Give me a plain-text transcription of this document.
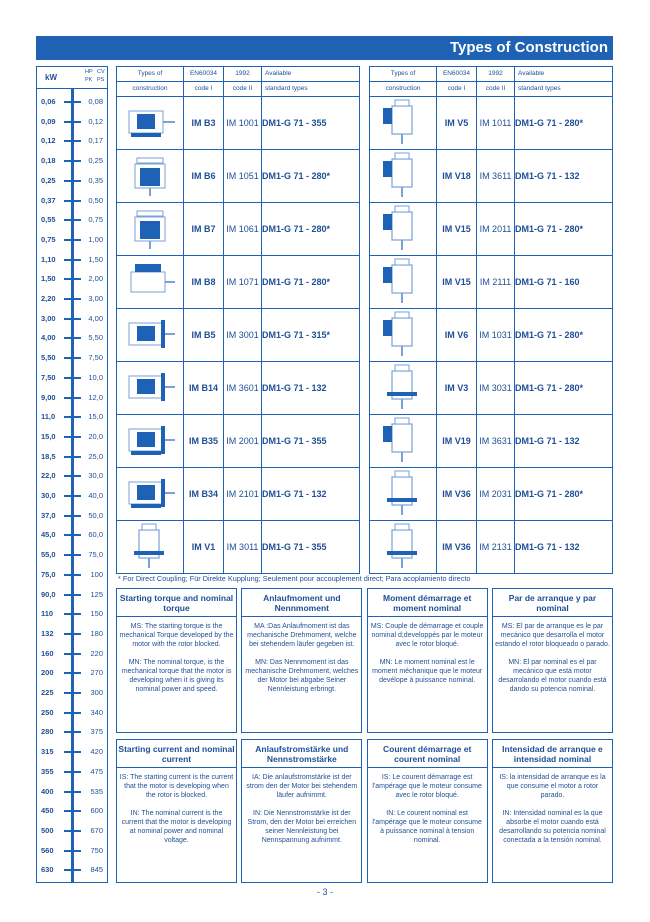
Types of Construction
kW
HP CV
PK PS
0,06	0,08
0,09	0,12
0,12	0,17
0,18	0,25
0,25	0,35
0,37	0,50
0,55	0,75
0,75	1,00
1,10	1,50
1,50	2,00
2,20	3,00
3,00	4,00
4,00	5,50
5,50	7,50
7,50	10,0
9,00	12,0
11,0	15,0
15,0	20,0
18,5	25,0
22,0	30,0
30,0	40,0
37,0	50,0
45,0	60,0
55,0	75,0
75,0	100
90,0	125
110	150
132	180
160	220
200	270
225	300
250	340
280	375
315	420
355	475
400	535
450	600
500	670
560	750
630	845
Types of	EN60034	1992	Available
construction	code I	code II	standard types

	IM B3	IM 1001	DM1-G 71 - 355

	IM B6	IM 1051	DM1-G 71 - 280*

	IM B7	IM 1061	DM1-G 71 - 280*

	IM B8	IM 1071	DM1-G 71 - 280*

	IM B5	IM 3001	DM1-G 71 - 315*

	IM B14	IM 3601	DM1-G 71 - 132

	IM B35	IM 2001	DM1-G 71 - 355

	IM B34	IM 2101	DM1-G 71 - 132

	IM V1	IM 3011	DM1-G 71 - 355
Types of	EN60034	1992	Available
construction	code I	code II	standard types

	IM V5	IM 1011	DM1-G 71 - 280*

	IM V18	IM 3611	DM1-G 71 - 132

	IM V15	IM 2011	DM1-G 71 - 280*

	IM V15	IM 2111	DM1-G 71 - 160

	IM V6	IM 1031	DM1-G 71 - 280*

	IM V3	IM 3031	DM1-G 71 - 280*

	IM V19	IM 3631	DM1-G 71 - 132

	IM V36	IM 2031	DM1-G 71 - 280*

	IM V36	IM 2131	DM1-G 71 - 132
* For Direct Coupling; Für Direkte Kupplung; Seulement pour accouplement direct; Para acoplamiento directo
Starting torque and nominal torque

MS: The starting torque is the mechanical Torque developed by the motor with the rotor blocked.

MN: The nominal torque, is the mechanical torque that the motor is developing when it is giving its nominal power and speed.

Anlaufmoment und Nennmoment

MA :Das Anlaufmoment ist das mechanische Drehmoment, welche bei stehendem läufer gegeben ist.

MN: Das Nennmoment ist das mechanische Drehmoment, welches der Motor bei abgabe Seiner Nennleistung erbringt.

Moment démarrage et moment nominal

MS: Couple de démarrage et couple nominal d;developpés par le moteur avec le rotor bloqué.

MN: Le moment nominal est le moment méchanique que le moteur devélope à puissance nominal.

Par de arranque y par nominal

MS: El par de arranque es le par mecánico que desarrolla el motor estando el rotor bloqueado o parado.

MN: El par nominal es el par mecánico que está motor desarrolando el motor cuando está dando su potencia nominal.

Starting current and nominal current

IS: The starting current is the current that the motor is developing when the rotor is blocked.

IN: The nominal current is the current that the motor is developing at nominal power and nominal voltage.

Anlaufstromstärke und Nennstromstärke

IA: Die anlaufstromstärke ist der strom den der Motor bei stehendem läufer aufnimmt.

IN: Die Nennstromstärke ist der Strom, den der Motor bei erreichen seiner Nennleistung bei Nennspannung aufnimmt.

Courent démarrage et courent nominal

IS: Le courent démarrage est l'ampérage que le moteur consume avec le rotor bloqué.

IN: Le courent nominal est l'ampérage que le moteur consume à puissance nominal à tension nominal.

Intensidad de arranque e intensidad nominal

IS: la intensidad de arranque es la que consume el motor a rotor parado.

IN: Intensidad nominal es la que absorbe el motor cuando está desarrollando su potencia nominal conectada a la tensión nominal.

- 3 -
